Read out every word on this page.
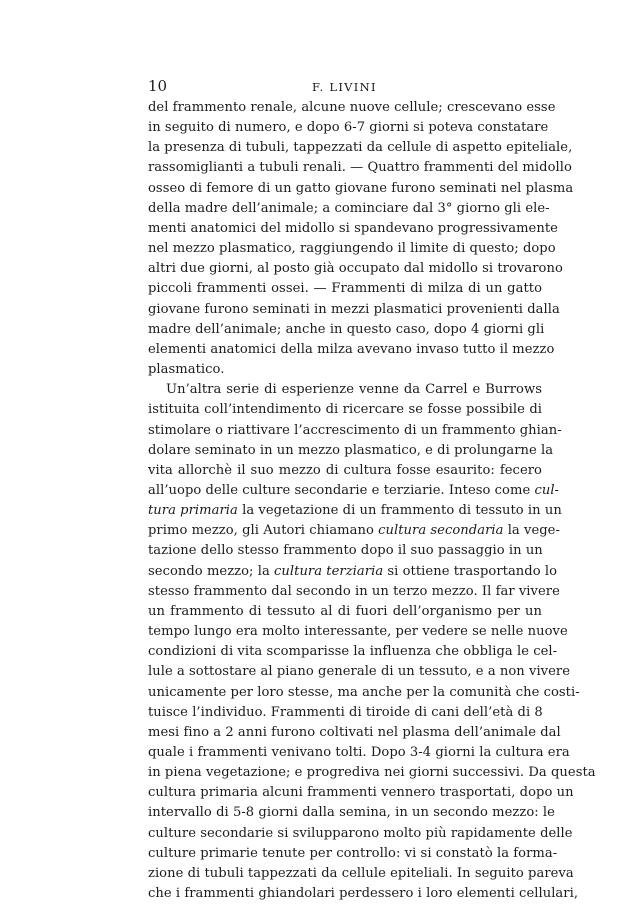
10	F. LIVINI
del frammento renale, alcune nuove cellule; crescevano esse
in seguito di numero, e dopo 6-7 giorni si poteva constatare
la presenza di tubuli, tappezzati da cellule di aspetto epiteliale,
rassomiglianti a tubuli renali. — Quattro frammenti del midollo
osseo di femore di un gatto giovane furono seminati nel plasma
della madre dell’animale; a cominciare dal 3° giorno gli ele-
menti anatomici del midollo si spandevano progressivamente
nel mezzo plasmatico, raggiungendo il limite di questo; dopo
altri due giorni, al posto già occupato dal midollo si trovarono
piccoli frammenti ossei. — Frammenti di milza di un gatto
giovane furono seminati in mezzi plasmatici provenienti dalla
madre dell’animale; anche in questo caso, dopo 4 giorni gli
elementi anatomici della milza avevano invaso tutto il mezzo
plasmatico.
Un’altra serie di esperienze venne da Carrel e Burrows
istituita coll’intendimento di ricercare se fosse possibile di
stimolare o riattivare l’accrescimento di un frammento ghian-
dolare seminato in un mezzo plasmatico, e di prolungarne la
vita allorchè il suo mezzo di cultura fosse esaurito: fecero
all’uopo delle culture secondarie e terziarie. Inteso come cul-
tura primaria la vegetazione di un frammento di tessuto in un
primo mezzo, gli Autori chiamano cultura secondaria la vege-
tazione dello stesso frammento dopo il suo passaggio in un
secondo mezzo; la cultura terziaria si ottiene trasportando lo
stesso frammento dal secondo in un terzo mezzo. Il far vivere
un frammento di tessuto al di fuori dell’organismo per un
tempo lungo era molto interessante, per vedere se nelle nuove
condizioni di vita scomparisse la influenza che obbliga le cel-
lule a sottostare al piano generale di un tessuto, e a non vivere
unicamente per loro stesse, ma anche per la comunità che costi-
tuisce l’individuo. Frammenti di tiroide di cani dell’età di 8
mesi fino a 2 anni furono coltivati nel plasma dell’animale dal
quale i frammenti venivano tolti. Dopo 3-4 giorni la cultura era
in piena vegetazione; e progrediva nei giorni successivi. Da questa
cultura primaria alcuni frammenti vennero trasportati, dopo un
intervallo di 5-8 giorni dalla semina, in un secondo mezzo: le
culture secondarie si svilupparono molto più rapidamente delle
culture primarie tenute per controllo: vi si constatò la forma-
zione di tubuli tappezzati da cellule epiteliali. In seguito pareva
che i frammenti ghiandolari perdessero i loro elementi cellulari,
